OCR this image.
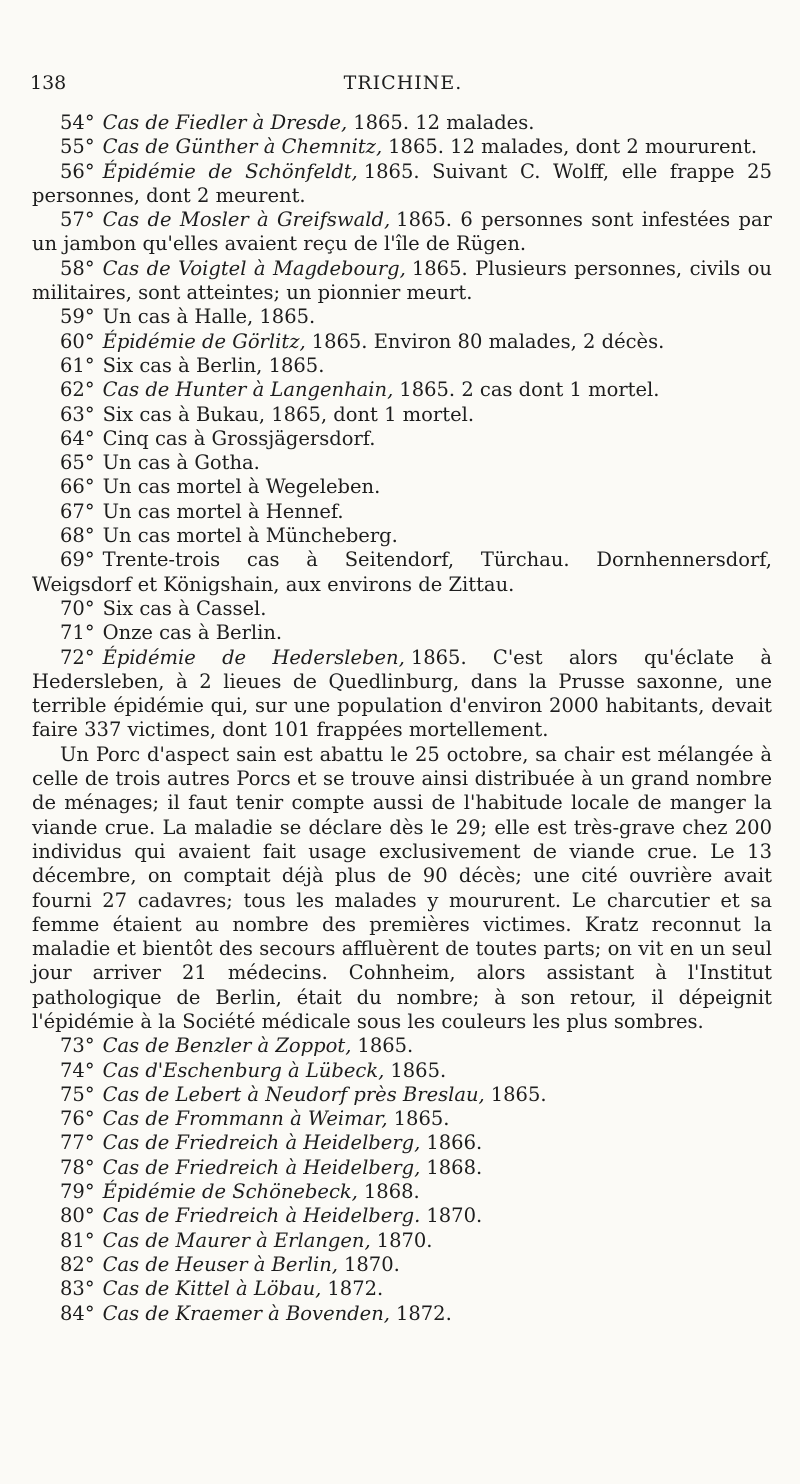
138	TRICHINE.

54° Cas de Fiedler à Dresde, 1865. 12 malades.

55° Cas de Günther à Chemnitz, 1865. 12 malades, dont 2 moururent.

56° Épidémie de Schönfeldt, 1865. Suivant C. Wolff, elle frappe 25 personnes, dont 2 meurent.

57° Cas de Mosler à Greifswald, 1865. 6 personnes sont infestées par un jambon qu'elles avaient reçu de l'île de Rügen.

58° Cas de Voigtel à Magdebourg, 1865. Plusieurs personnes, civils ou militaires, sont atteintes; un pionnier meurt.

59° Un cas à Halle, 1865.

60° Épidémie de Görlitz, 1865. Environ 80 malades, 2 décès.

61° Six cas à Berlin, 1865.

62° Cas de Hunter à Langenhain, 1865. 2 cas dont 1 mortel.

63° Six cas à Bukau, 1865, dont 1 mortel.

64° Cinq cas à Grossjägersdorf.

65° Un cas à Gotha.

66° Un cas mortel à Wegeleben.

67° Un cas mortel à Hennef.

68° Un cas mortel à Müncheberg.

69° Trente-trois cas à Seitendorf, Türchau. Dornhennersdorf, Weigsdorf et Königshain, aux environs de Zittau.

70° Six cas à Cassel.

71° Onze cas à Berlin.

72° Épidémie de Hedersleben, 1865. C'est alors qu'éclate à Hedersleben, à 2 lieues de Quedlinburg, dans la Prusse saxonne, une terrible épidémie qui, sur une population d'environ 2000 habitants, devait faire 337 victimes, dont 101 frappées mortellement.

Un Porc d'aspect sain est abattu le 25 octobre, sa chair est mélangée à celle de trois autres Porcs et se trouve ainsi distribuée à un grand nombre de ménages; il faut tenir compte aussi de l'habitude locale de manger la viande crue. La maladie se déclare dès le 29; elle est très-grave chez 200 individus qui avaient fait usage exclusivement de viande crue. Le 13 décembre, on comptait déjà plus de 90 décès; une cité ouvrière avait fourni 27 cadavres; tous les malades y moururent. Le charcutier et sa femme étaient au nombre des premières victimes. Kratz reconnut la maladie et bientôt des secours affluèrent de toutes parts; on vit en un seul jour arriver 21 médecins. Cohnheim, alors assistant à l'Institut pathologique de Berlin, était du nombre; à son retour, il dépeignit l'épidémie à la Société médicale sous les couleurs les plus sombres.

73° Cas de Benzler à Zoppot, 1865.

74° Cas d'Eschenburg à Lübeck, 1865.

75° Cas de Lebert à Neudorf près Breslau, 1865.

76° Cas de Frommann à Weimar, 1865.

77° Cas de Friedreich à Heidelberg, 1866.

78° Cas de Friedreich à Heidelberg, 1868.

79° Épidémie de Schönebeck, 1868.

80° Cas de Friedreich à Heidelberg. 1870.

81° Cas de Maurer à Erlangen, 1870.

82° Cas de Heuser à Berlin, 1870.

83° Cas de Kittel à Löbau, 1872.

84° Cas de Kraemer à Bovenden, 1872.
